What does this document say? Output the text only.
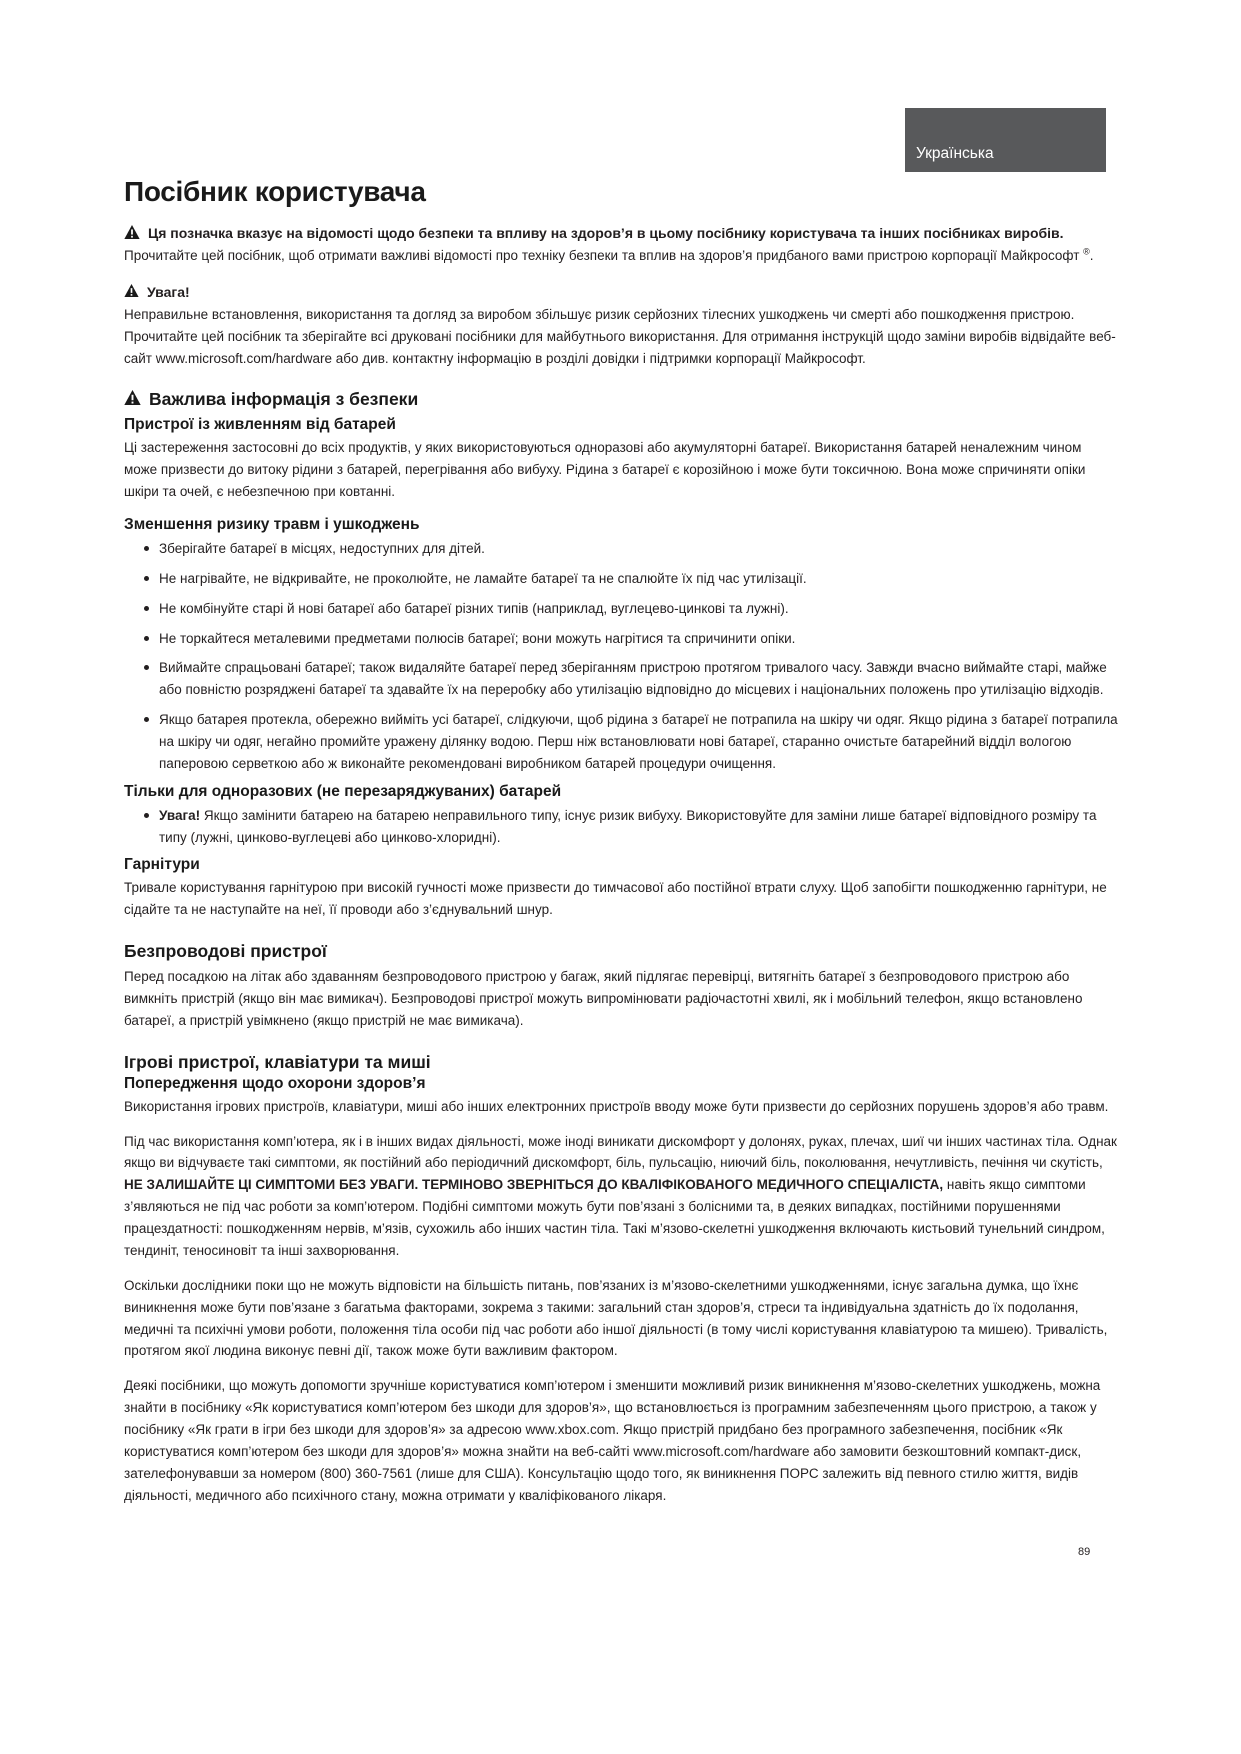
Українська
Посібник користувача

Ця позначка вказує на відомості щодо безпеки та впливу на здоров’я в цьому посібнику користувача та інших посібниках виробів.

Прочитайте цей посібник, щоб отримати важливі відомості про техніку безпеки та вплив на здоров’я придбаного вами пристрою корпорації Майкрософт ®.

Увага!

Неправильне встановлення, використання та догляд за виробом збільшує ризик серйозних тілесних ушкоджень чи смерті або пошкодження пристрою. Прочитайте цей посібник та зберігайте всі друковані посібники для майбутнього використання. Для отримання інструкцій щодо заміни виробів відвідайте веб-сайт www.microsoft.com/hardware або див. контактну інформацію в розділі довідки і підтримки корпорації Майкрософт.

Важлива інформація з безпеки
Пристрої із живленням від батарей

Ці застереження застосовні до всіх продуктів, у яких використовуються одноразові або акумуляторні батареї. Використання батарей неналежним чином може призвести до витоку рідини з батарей, перегрівання або вибуху. Рідина з батареї є корозійною і може бути токсичною. Вона може спричиняти опіки шкіри та очей, є небезпечною при ковтанні.

Зменшення ризику травм і ушкоджень
Зберігайте батареї в місцях, недоступних для дітей.
Не нагрівайте, не відкривайте, не проколюйте, не ламайте батареї та не спалюйте їх під час утилізації.
Не комбінуйте старі й нові батареї або батареї різних типів (наприклад, вуглецево-цинкові та лужні).
Не торкайтеся металевими предметами полюсів батареї; вони можуть нагрітися та спричинити опіки.
Виймайте спрацьовані батареї; також видаляйте батареї перед зберіганням пристрою протягом тривалого часу. Завжди вчасно виймайте старі, майже або повністю розряджені батареї та здавайте їх на переробку або утилізацію відповідно до місцевих і національних положень про утилізацію відходів.
Якщо батарея протекла, обережно вийміть усі батареї, слідкуючи, щоб рідина з батареї не потрапила на шкіру чи одяг. Якщо рідина з батареї потрапила на шкіру чи одяг, негайно промийте уражену ділянку водою. Перш ніж встановлювати нові батареї, старанно очистьте батарейний відділ вологою паперовою серветкою або ж виконайте рекомендовані виробником батарей процедури очищення.
Тільки для одноразових (не перезаряджуваних) батарей
Увага! Якщо замінити батарею на батарею неправильного типу, існує ризик вибуху. Використовуйте для заміни лише батареї відповідного розміру та типу (лужні, цинково-вуглецеві або цинково-хлоридні).
Гарнітури

Тривале користування гарнітурою при високій гучності може призвести до тимчасової або постійної втрати слуху. Щоб запобігти пошкодженню гарнітури, не сідайте та не наступайте на неї, її проводи або з’єднувальний шнур.

Безпроводові пристрої

Перед посадкою на літак або здаванням безпроводового пристрою у багаж, який підлягає перевірці, витягніть батареї з безпроводового пристрою або вимкніть пристрій (якщо він має вимикач). Безпроводові пристрої можуть випромінювати радіочастотні хвилі, як і мобільний телефон, якщо встановлено батареї, а пристрій увімкнено (якщо пристрій не має вимикача).

Ігрові пристрої, клавіатури та миші
Попередження щодо охорони здоров’я

Використання ігрових пристроїв, клавіатури, миші або інших електронних пристроїв вводу може бути призвести до серйозних порушень здоров’я або травм.

Під час використання комп’ютера, як і в інших видах діяльності, може іноді виникати дискомфорт у долонях, руках, плечах, шиї чи інших частинах тіла. Однак якщо ви відчуваєте такі симптоми, як постійний або періодичний дискомфорт, біль, пульсацію, ниючий біль, поколювання, нечутливість, печіння чи скутість, НЕ ЗАЛИШАЙТЕ ЦІ СИМПТОМИ БЕЗ УВАГИ. ТЕРМІНОВО ЗВЕРНІТЬСЯ ДО КВАЛІФІКОВАНОГО МЕДИЧНОГО СПЕЦІАЛІСТА, навіть якщо симптоми з’являються не під час роботи за комп’ютером. Подібні симптоми можуть бути пов’язані з болісними та, в деяких випадках, постійними порушеннями працездатності: пошкодженням нервів, м’язів, сухожиль або інших частин тіла. Такі м’язово-скелетні ушкодження включають кистьовий тунельний синдром, тендиніт, теносиновіт та інші захворювання.

Оскільки дослідники поки що не можуть відповісти на більшість питань, пов’язаних із м’язово-скелетними ушкодженнями, існує загальна думка, що їхнє виникнення може бути пов’язане з багатьма факторами, зокрема з такими: загальний стан здоров’я, стреси та індивідуальна здатність до їх подолання, медичні та психічні умови роботи, положення тіла особи під час роботи або іншої діяльності (в тому числі користування клавіатурою та мишею). Тривалість, протягом якої людина виконує певні дії, також може бути важливим фактором.

Деякі посібники, що можуть допомогти зручніше користуватися комп’ютером і зменшити можливий ризик виникнення м’язово-скелетних ушкоджень, можна знайти в посібнику «Як користуватися комп’ютером без шкоди для здоров’я», що встановлюється із програмним забезпеченням цього пристрою, а також у посібнику «Як грати в ігри без шкоди для здоров’я» за адресою www.xbox.com. Якщо пристрій придбано без програмного забезпечення, посібник «Як користуватися комп’ютером без шкоди для здоров’я» можна знайти на веб-сайті www.microsoft.com/hardware або замовити безкоштовний компакт-диск, зателефонувавши за номером (800) 360-7561 (лише для США). Консультацію щодо того, як виникнення ПОРС залежить від певного стилю життя, видів діяльності, медичного або психічного стану, можна отримати у кваліфікованого лікаря.

89
